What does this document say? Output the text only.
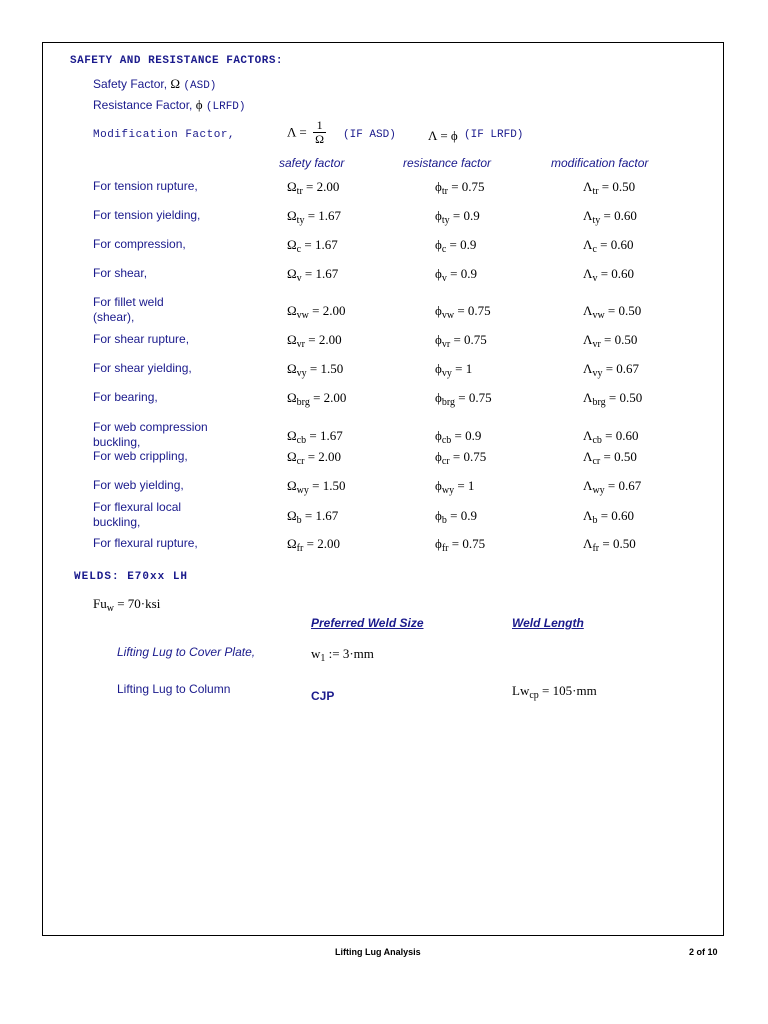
SAFETY AND RESISTANCE FACTORS:
Safety Factor, Ω (ASD)
Resistance Factor, ϕ (LRFD)
Modification Factor,	$\Lambda = \frac{1}{\Omega} (IF$ ASD) Λ = ϕ (IF LRFD)
safety factor	resistance factor	modification factor
For tension rupture,	$\Omega_{tr} = 2.00$	$\phi_{tr} = 0.75$	$\Lambda_{tr} = 0.50$
For tension yielding,	$\Omega_{ty} = 1.67$	$\phi_{ty} = 0.9$	$\Lambda_{ty} = 0.60$
For compression,	$\Omega_c = 1.67$	$\phi_c = 0.9$	$\Lambda_c = 0.60$
For shear,	$\Omega_v = 1.67$	$\phi_v = 0.9$	$\Lambda_v = 0.60$
For fillet weld
(shear),	$\Omega_{vw} = 2.00$	$\phi_{vw} = 0.75$	$\Lambda_{vw} = 0.50$
For shear rupture,	$\Omega_{vr} = 2.00$	$\phi_{vr} = 0.75$	$\Lambda_{vr} = 0.50$
For shear yielding,	$\Omega_{vy} = 1.50$	$\phi_{vy} = 1$	$\Lambda_{vy} = 0.67$
For bearing,	$\Omega_{brg} = 2.00$	$\phi_{brg} = 0.75$	$\Lambda_{brg} = 0.50$
For web compression
buckling,	$\Omega_{cb} = 1.67$	$\phi_{cb} = 0.9$	$\Lambda_{cb} = 0.60$
For web crippling,	$\Omega_{cr} = 2.00$	$\phi_{cr} = 0.75$	$\Lambda_{cr} = 0.50$
For web yielding,	$\Omega_{wy} = 1.50$	$\phi_{wy} = 1$	$\Lambda_{wy} = 0.67$
For flexural local
buckling,	$\Omega_b = 1.67$	$\phi_b = 0.9$	$\Lambda_b = 0.60$
For flexural rupture,	$\Omega_{fr} = 2.00$	$\phi_{fr} = 0.75$	$\Lambda_{fr} = 0.50$
WELDS: E70xx LH
$Fu_w = 70\cdot ksi$
Preferred Weld Size	Weld Length
Lifting Lug to Cover Plate,	$w_1$ := 3·mm
Lifting Lug to Column	CJP	$Lw_{cp} = 105\cdot mm$
Lifting Lug Analysis	2 of 10
